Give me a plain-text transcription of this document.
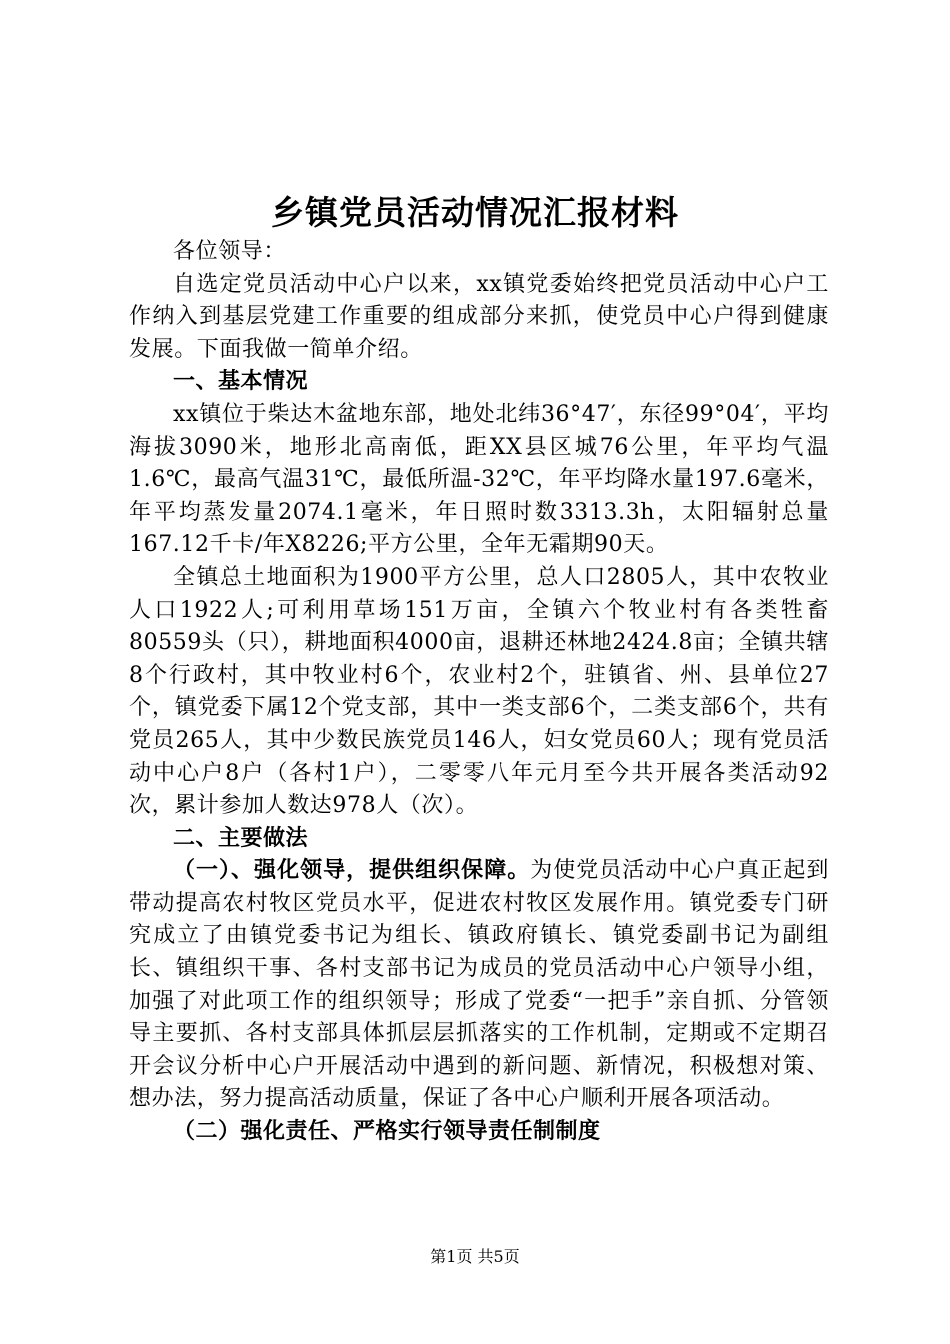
乡镇党员活动情况汇报材料

各位领导：

自选定党员活动中心户以来，xx镇党委始终把党员活动中心户工作纳入到基层党建工作重要的组成部分来抓，使党员中心户得到健康发展。下面我做一简单介绍。

一、基本情况

xx镇位于柴达木盆地东部，地处北纬36°47′，东径99°04′，平均海拔3090米，地形北高南低，距XX县区城76公里，年平均气温1.6℃，最高气温31℃，最低所温-32℃，年平均降水量197.6毫米，年平均蒸发量2074.1毫米，年日照时数3313.3h，太阳辐射总量167.12千卡/年X8226;平方公里，全年无霜期90天。

全镇总土地面积为1900平方公里，总人口2805人，其中农牧业人口1922人;可利用草场151万亩，全镇六个牧业村有各类牲畜80559头（只），耕地面积4000亩，退耕还林地2424.8亩；全镇共辖8个行政村，其中牧业村6个，农业村2个，驻镇省、州、县单位27个，镇党委下属12个党支部，其中一类支部6个，二类支部6个，共有党员265人，其中少数民族党员146人，妇女党员60人；现有党员活动中心户8户（各村1户），二零零八年元月至今共开展各类活动92次，累计参加人数达978人（次）。

二、主要做法

（一）、强化领导，提供组织保障。为使党员活动中心户真正起到带动提高农村牧区党员水平，促进农村牧区发展作用。镇党委专门研究成立了由镇党委书记为组长、镇政府镇长、镇党委副书记为副组长、镇组织干事、各村支部书记为成员的党员活动中心户领导小组，加强了对此项工作的组织领导；形成了党委“一把手”亲自抓、分管领导主要抓、各村支部具体抓层层抓落实的工作机制，定期或不定期召开会议分析中心户开展活动中遇到的新问题、新情况，积极想对策、想办法，努力提高活动质量，保证了各中心户顺利开展各项活动。

（二）强化责任、严格实行领导责任制制度

第1页 共5页
